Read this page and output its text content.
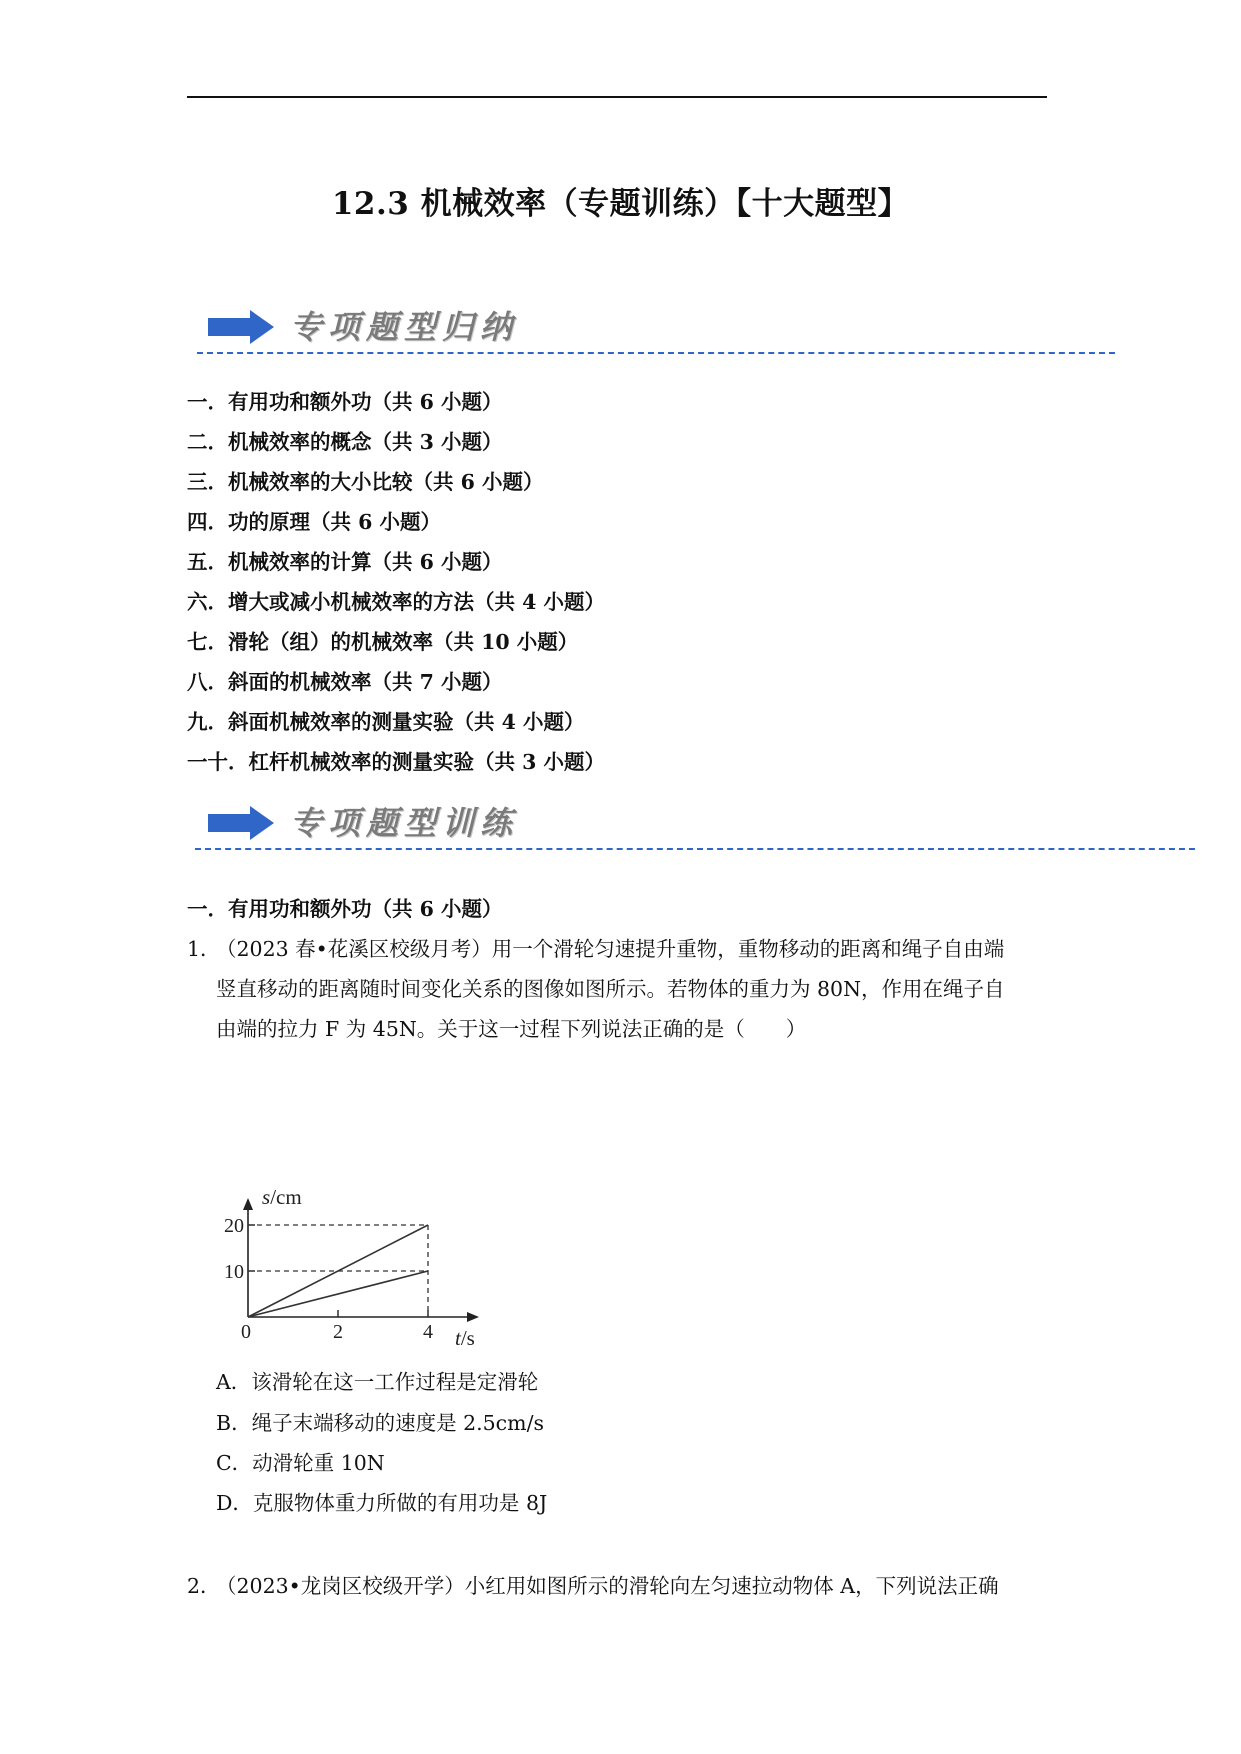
12.3 机械效率（专题训练）【十大题型】
专项题型归纳
一．有用功和额外功（共 6 小题）
二．机械效率的概念（共 3 小题）
三．机械效率的大小比较（共 6 小题）
四．功的原理（共 6 小题）
五．机械效率的计算（共 6 小题）
六．增大或减小机械效率的方法（共 4 小题）
七．滑轮（组）的机械效率（共 10 小题）
八．斜面的机械效率（共 7 小题）
九．斜面机械效率的测量实验（共 4 小题）
一十．杠杆机械效率的测量实验（共 3 小题）
专项题型训练
一．有用功和额外功（共 6 小题）
1．
（2023 春•花溪区校级月考）用一个滑轮匀速提升重物，重物移动的距离和绳子自由端
竖直移动的距离随时间变化关系的图像如图所示。若物体的重力为 80N，作用在绳子自
由端的拉力 F 为 45N。关于这一过程下列说法正确的是（　　）
0	2	4
10
20
s/cm
t/s
A．该滑轮在这一工作过程是定滑轮
B．绳子末端移动的速度是 2.5cm/s
C．动滑轮重 10N
D．克服物体重力所做的有用功是 8J
2．
（2023•龙岗区校级开学）小红用如图所示的滑轮向左匀速拉动物体 A，下列说法正确
